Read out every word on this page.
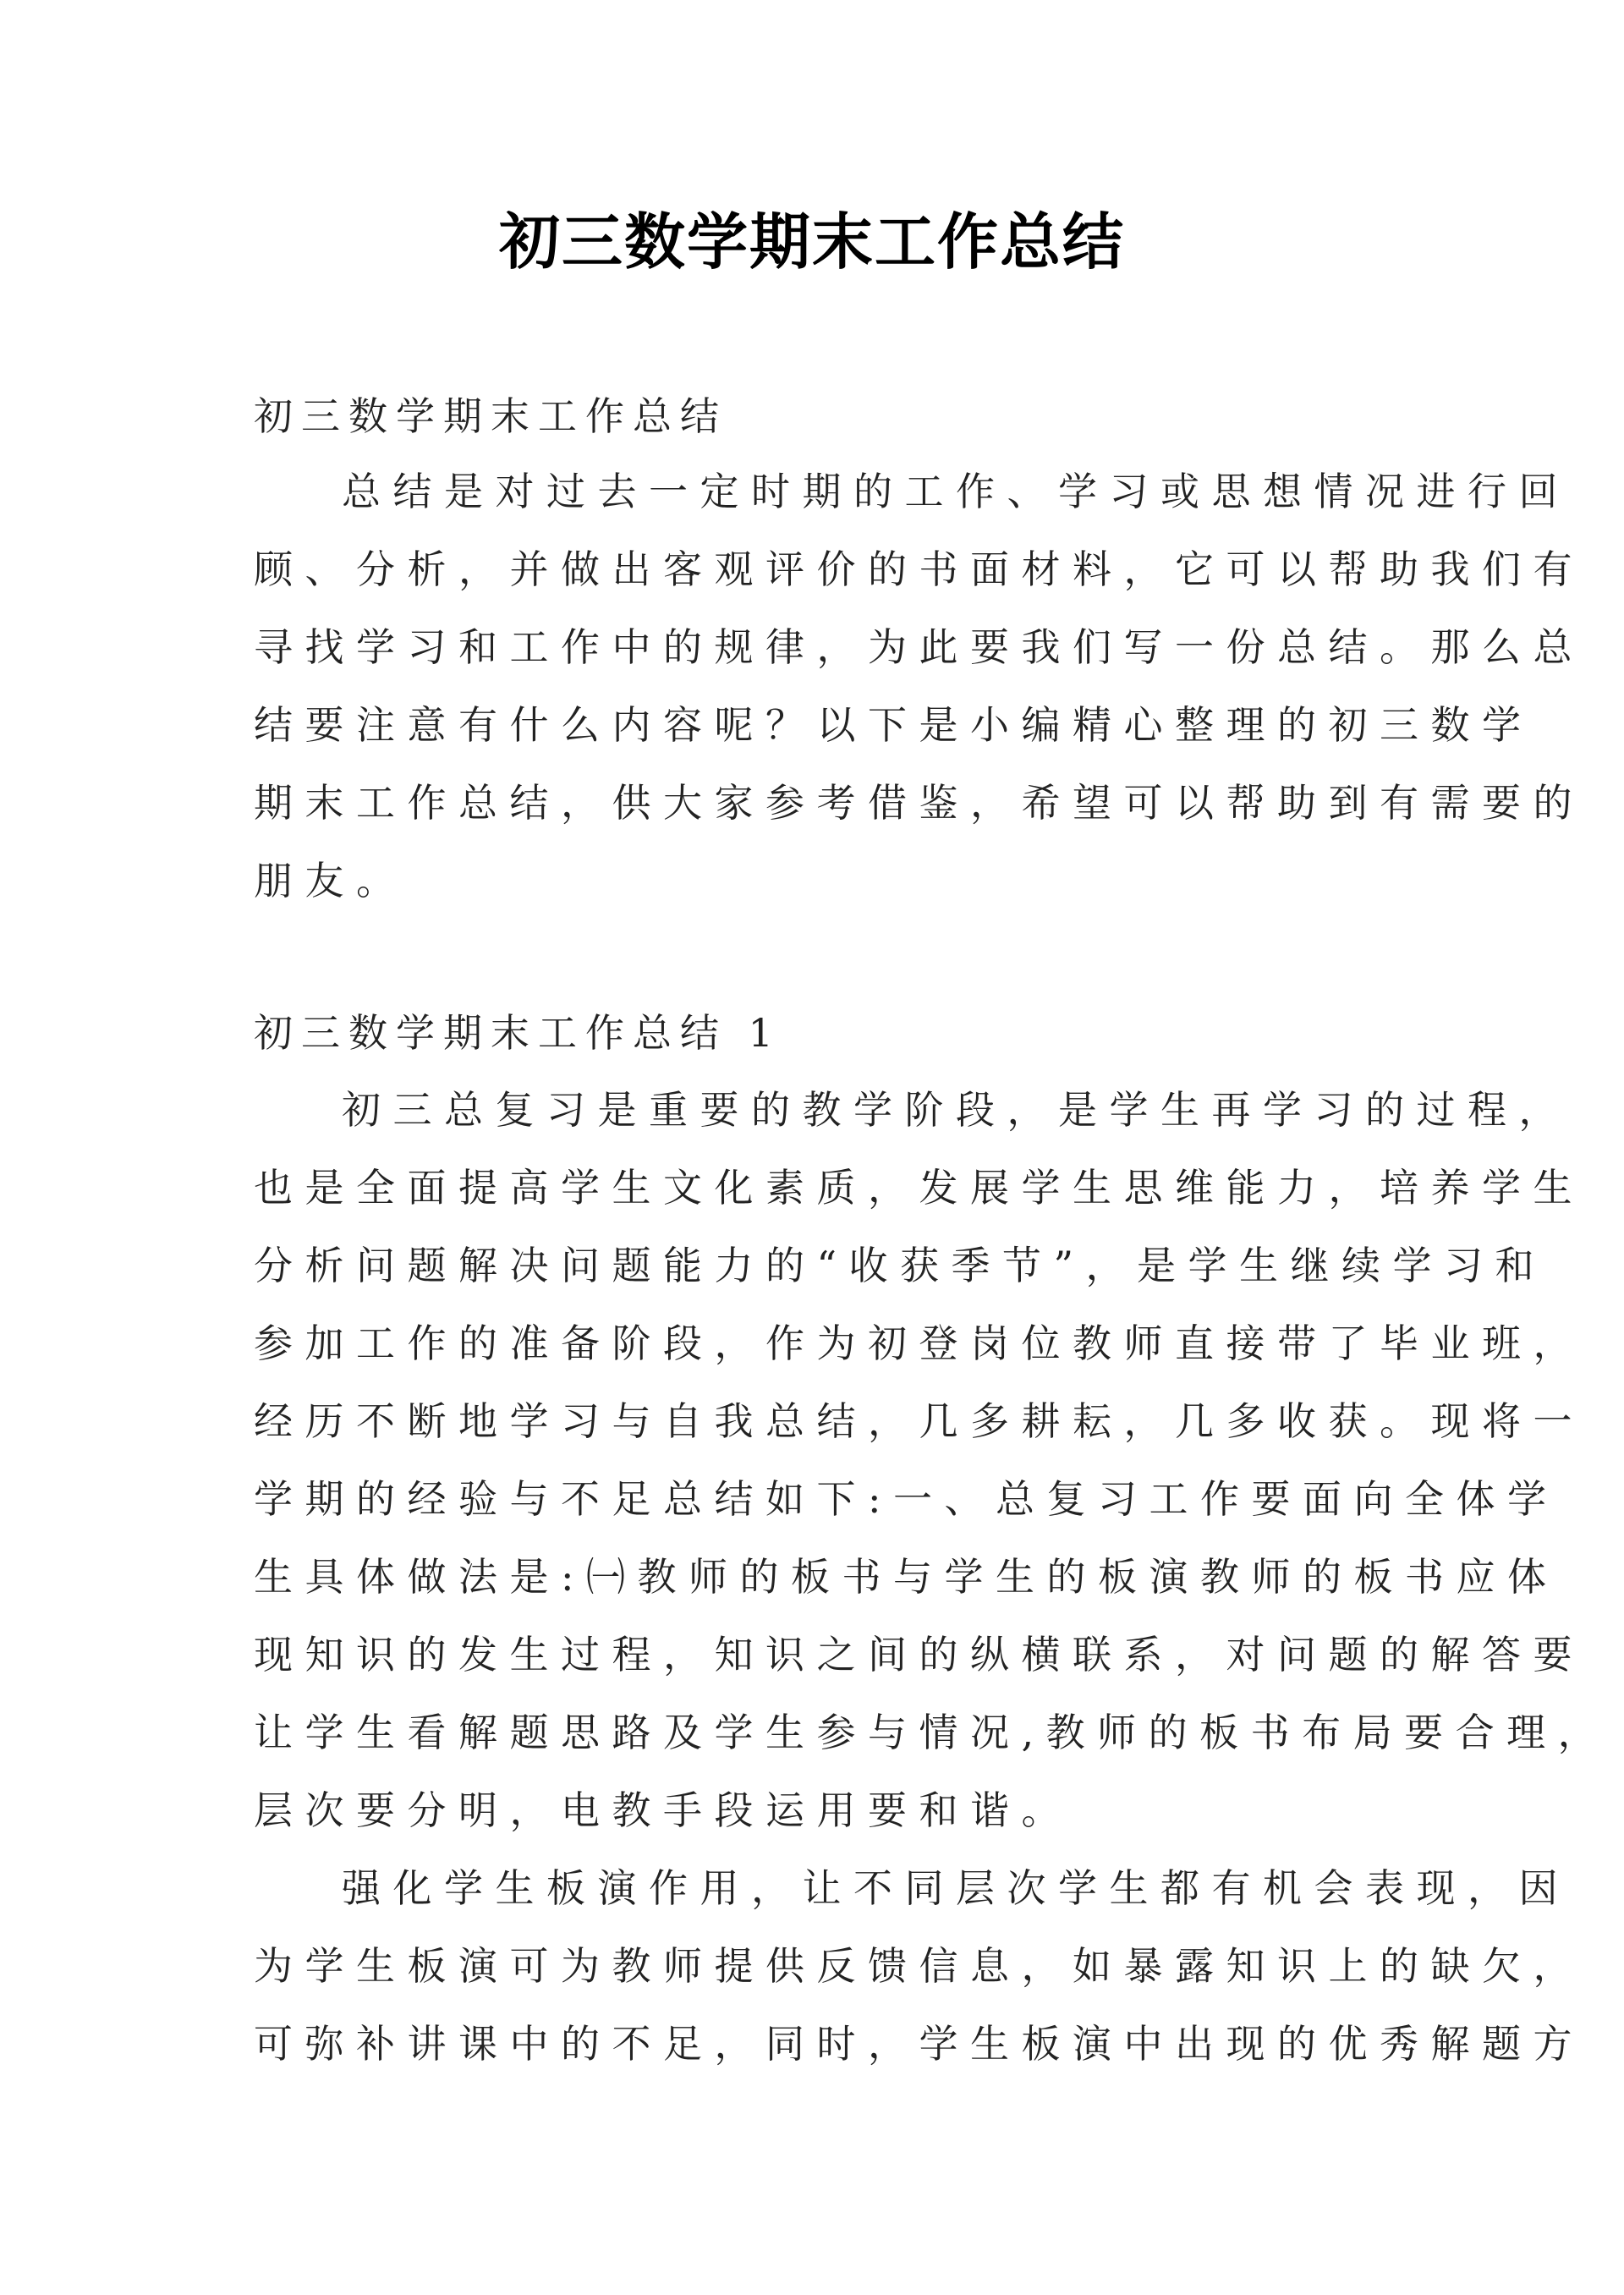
初三数学期末工作总结
初三数学期末工作总结
总结是对过去一定时期的工作、学习或思想情况进行回
顾、分析，并做出客观评价的书面材料，它可以帮助我们有
寻找学习和工作中的规律，为此要我们写一份总结。那么总
结要注意有什么内容呢？以下是小编精心整理的初三数学
期末工作总结，供大家参考借鉴，希望可以帮助到有需要的
朋友。
初三数学期末工作总结 1
初三总复习是重要的教学阶段，是学生再学习的过程，
也是全面提高学生文化素质，发展学生思维能力，培养学生
分析问题解决问题能力的“收获季节”，是学生继续学习和
参加工作的准备阶段，作为初登岗位教师直接带了毕业班，
经历不断地学习与自我总结，几多耕耘，几多收获。现将一
学期的经验与不足总结如下:一、总复习工作要面向全体学
生具体做法是:㈠教师的板书与学生的板演教师的板书应体
现知识的发生过程，知识之间的纵横联系，对问题的解答要
让学生看解题思路及学生参与情况,教师的板书布局要合理，
层次要分明，电教手段运用要和谐。
强化学生板演作用，让不同层次学生都有机会表现，因
为学生板演可为教师提供反馈信息，如暴露知识上的缺欠，
可弥补讲课中的不足，同时，学生板演中出现的优秀解题方
